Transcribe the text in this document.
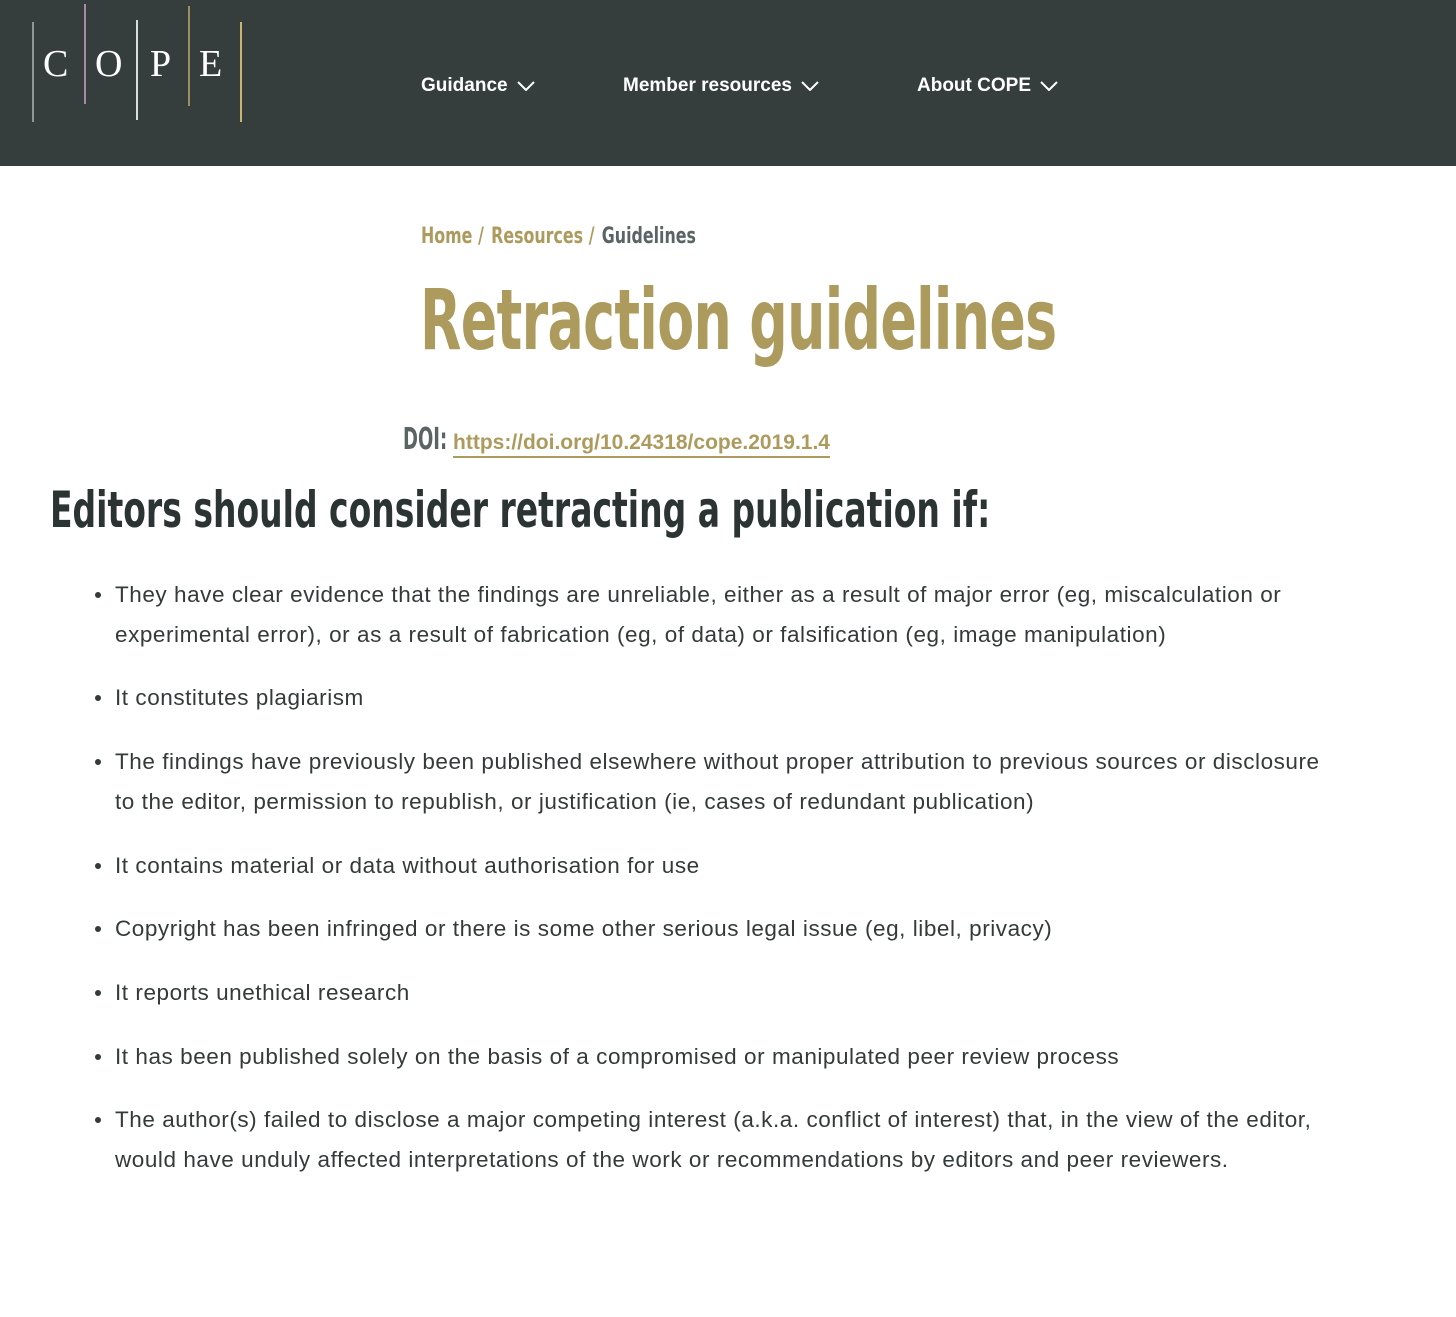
C O P E
Guidance	Member resources	About COPE
Home / Resources / Guidelines
Retraction guidelines
DOI: https://doi.org/10.24318/cope.2019.1.4
Editors should consider retracting a publication if:
They have clear evidence that the findings are unreliable, either as a result of major error (eg, miscalculation or experimental error), or as a result of fabrication (eg, of data) or falsification (eg, image manipulation)
It constitutes plagiarism
The findings have previously been published elsewhere without proper attribution to previous sources or disclosure to the editor, permission to republish, or justification (ie, cases of redundant publication)
It contains material or data without authorisation for use
Copyright has been infringed or there is some other serious legal issue (eg, libel, privacy)
It reports unethical research
It has been published solely on the basis of a compromised or manipulated peer review process
The author(s) failed to disclose a major competing interest (a.k.a. conflict of interest) that, in the view of the editor, would have unduly affected interpretations of the work or recommendations by editors and peer reviewers.
